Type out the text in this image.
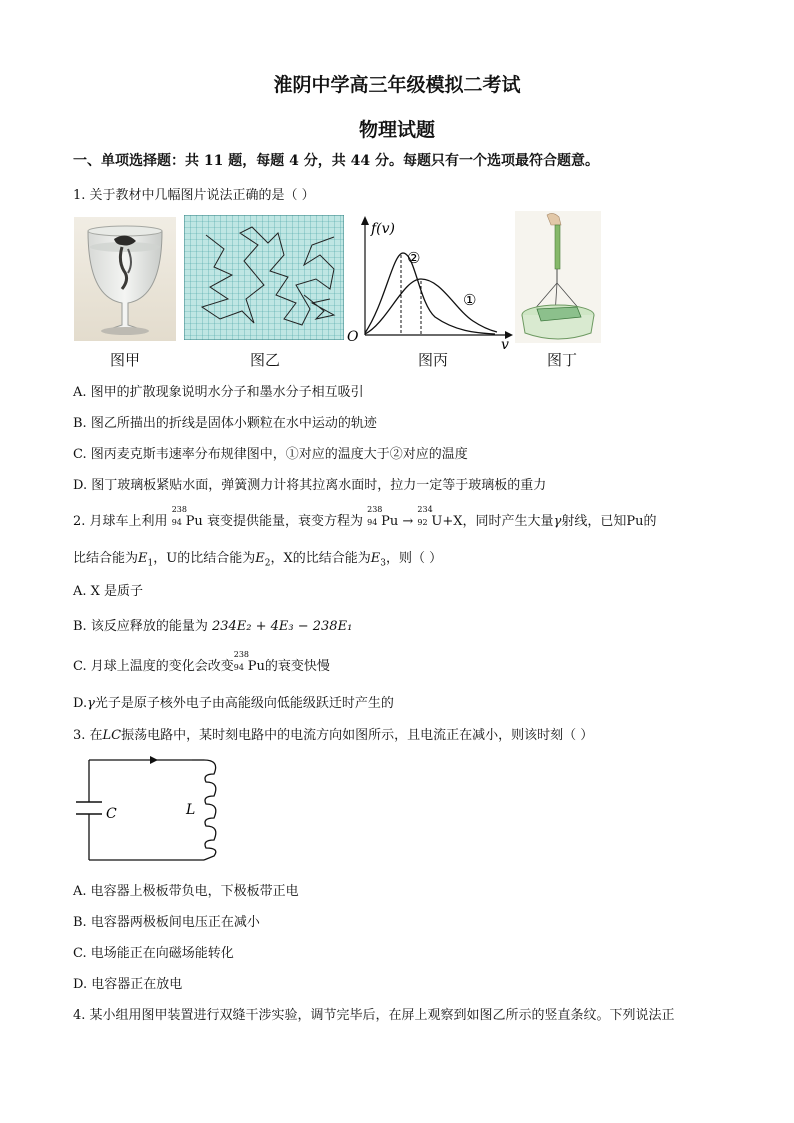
淮阴中学高三年级模拟二考试
物理试题
一、单项选择题：共 11 题，每题 4 分，共 44 分。每题只有一个选项最符合题意。
1. 关于教材中几幅图片说法正确的是（ ）
图甲	图乙
f(v)
②
①
O	v
图丙	图丁
A. 图甲的扩散现象说明水分子和墨水分子相互吸引
B. 图乙所描出的折线是固体小颗粒在水中运动的轨迹
C. 图丙麦克斯韦速率分布规律图中，①对应的温度大于②对应的温度
D. 图丁玻璃板紧贴水面，弹簧测力计将其拉离水面时，拉力一定等于玻璃板的重力
2. 月球车上利用
238
94 Pu 衰变提供能量，衰变方程为
238
94 Pu →
234
92 U+X，同时产生大量γ射线，已知Pu的
比结合能为$E_1$，U的比结合能为$E_2$，X的比结合能为$E_3$，则（ ）
A. X 是质子
B. 该反应释放的能量为 234E₂ + 4E₃ − 238E₁
C. 月球上温度的变化会改变
238
94 Pu的衰变快慢
D.γ光子是原子核外电子由高能级向低能级跃迁时产生的
3. 在LC振荡电路中，某时刻电路中的电流方向如图所示，且电流正在减小，则该时刻（ ）
C	L
A. 电容器上极板带负电，下极板带正电
B. 电容器两极板间电压正在减小
C. 电场能正在向磁场能转化
D. 电容器正在放电
4. 某小组用图甲装置进行双缝干涉实验，调节完毕后，在屏上观察到如图乙所示的竖直条纹。下列说法正
